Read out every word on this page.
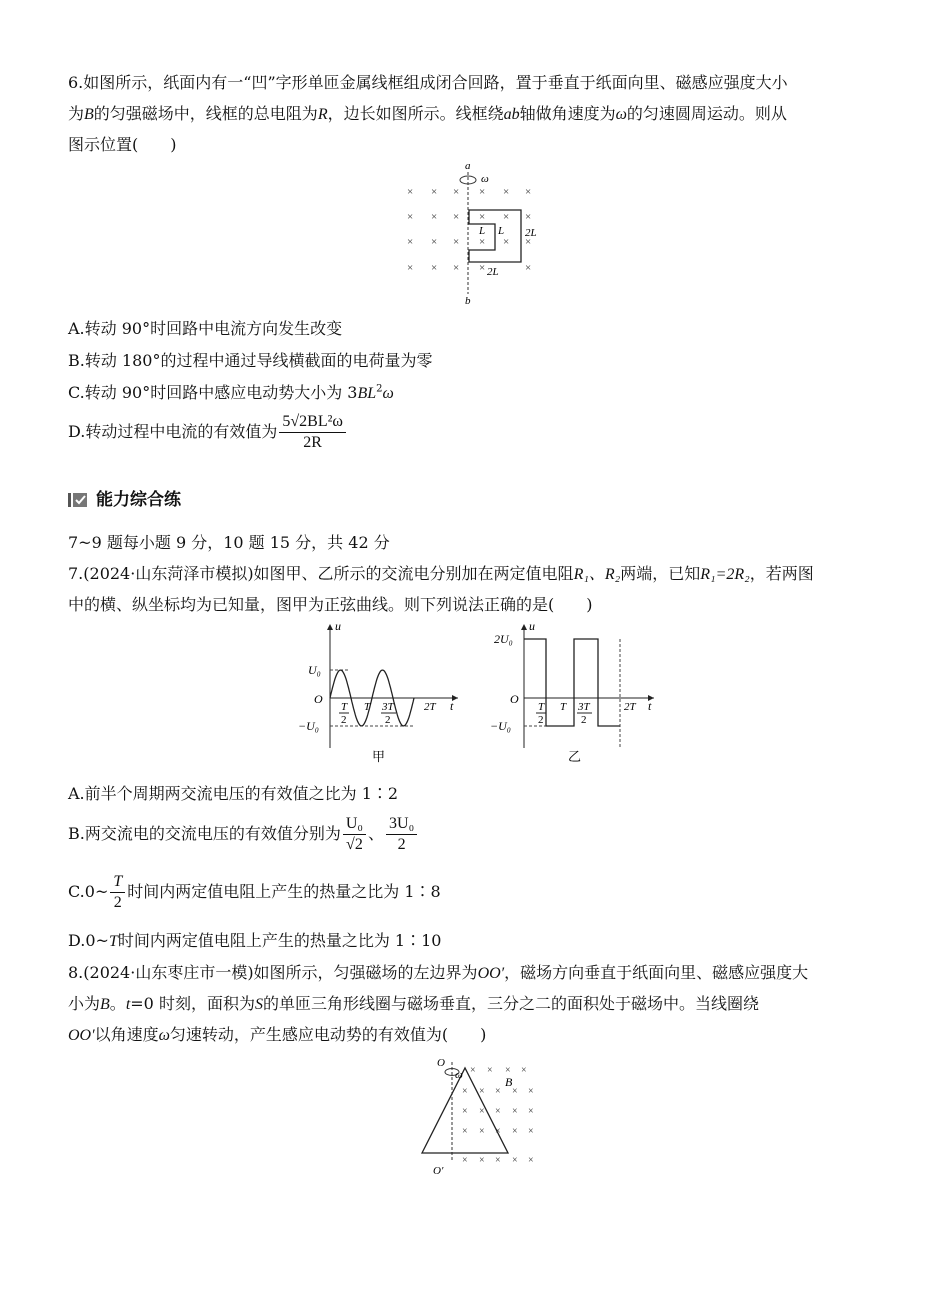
6.如图所示，纸面内有一“凹”字形单匝金属线框组成闭合回路，置于垂直于纸面向里、磁感应强度大小
为B的匀强磁场中，线框的总电阻为R，边长如图所示。线框绕ab轴做角速度为ω的匀速圆周运动。则从
图示位置(　　)
× × × × × ×
× × × × × ×
× × × × × ×
× × × ×	×
a
b
ω
L L 2L
2L
A.转动 90°时回路中电流方向发生改变
B.转动 180°的过程中通过导线横截面的电荷量为零
C.转动 90°时回路中感应电动势大小为 $3BL^2\omega$
D.转动过程中电流的有效值为 $\frac{\text{5√2BL²ω}}{2R}$
能力综合练
7~9 题每小题 9 分，10 题 15 分，共 42 分
7.(2024·山东菏泽市模拟)如图甲、乙所示的交流电分别加在两定值电阻R₁、R₂两端，已知R₁=2R₂，若两图
中的横、纵坐标均为已知量，图甲为正弦曲线。则下列说法正确的是(　　)
u
U₀
−U₀
O
T
2
T 3T
2
2T t
甲
u
2U₀
−U₀
O
T
2
T 3T
2
2T t
乙
A.前半个周期两交流电压的有效值之比为 1∶2
B.两交流电的交流电压的有效值分别为 $\frac{\text{U₀}}{√2}$ 、 $\frac{\text{3U₀}}{2}$
C.0~ $\frac{T}{2}$ 时间内两定值电阻上产生的热量之比为 1∶8
D.0~T时间内两定值电阻上产生的热量之比为 1∶10
8.(2024·山东枣庄市一模)如图所示，匀强磁场的左边界为OO′，磁场方向垂直于纸面向里、磁感应强度大
小为B。t=0 时刻，面积为S的单匝三角形线圈与磁场垂直，三分之二的面积处于磁场中。当线圈绕
OO′以角速度ω匀速转动，产生感应电动势的有效值为(　　)
O
O′
ω	B
× × × ×
× × × × ×
× × × × ×
× × × × ×
× × × × ×
